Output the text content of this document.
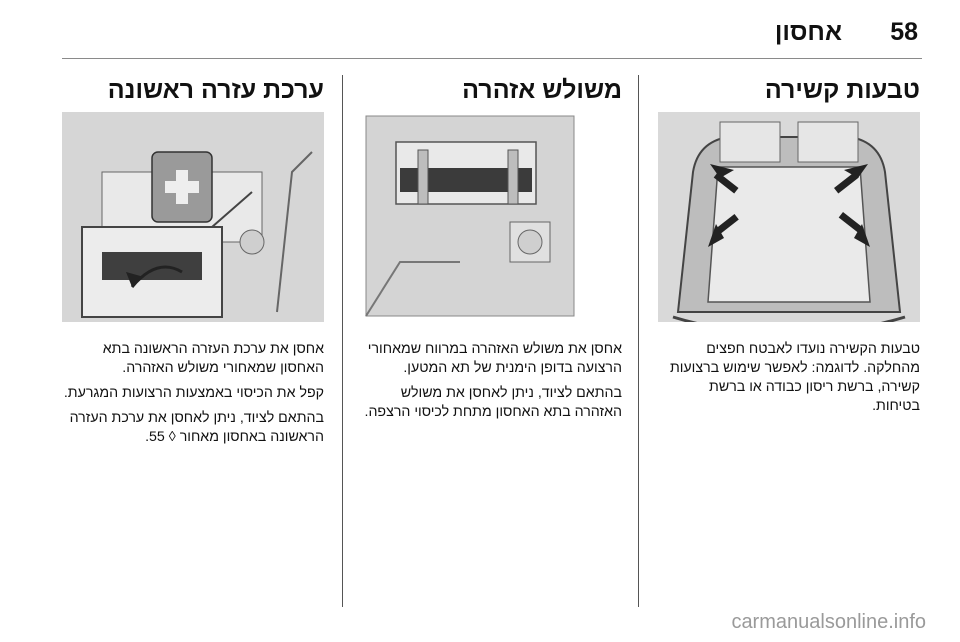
58
אחסון
טבעות קשירה

טבעות הקשירה נועדו לאבטח חפצים מהחלקה. לדוגמה: לאפשר שימוש ברצועות קשירה, ברשת ריסון כבודה או ברשת בטיחות.

משולש אזהרה

אחסן את משולש האזהרה במרווח שמאחורי הרצועה בדופן הימנית של תא המטען.

בהתאם לציוד, ניתן לאחסן את משולש האזהרה בתא האחסון מתחת לכיסוי הרצפה.

ערכת עזרה ראשונה

אחסן את ערכת העזרה הראשונה בתא האחסון שמאחורי משולש האזהרה.

קפל את הכיסוי באמצעות הרצועות המגרעת.

בהתאם לציוד, ניתן לאחסן את ערכת העזרה הראשונה באחסון מאחור ◊ 55.

carmanualsonline.info
